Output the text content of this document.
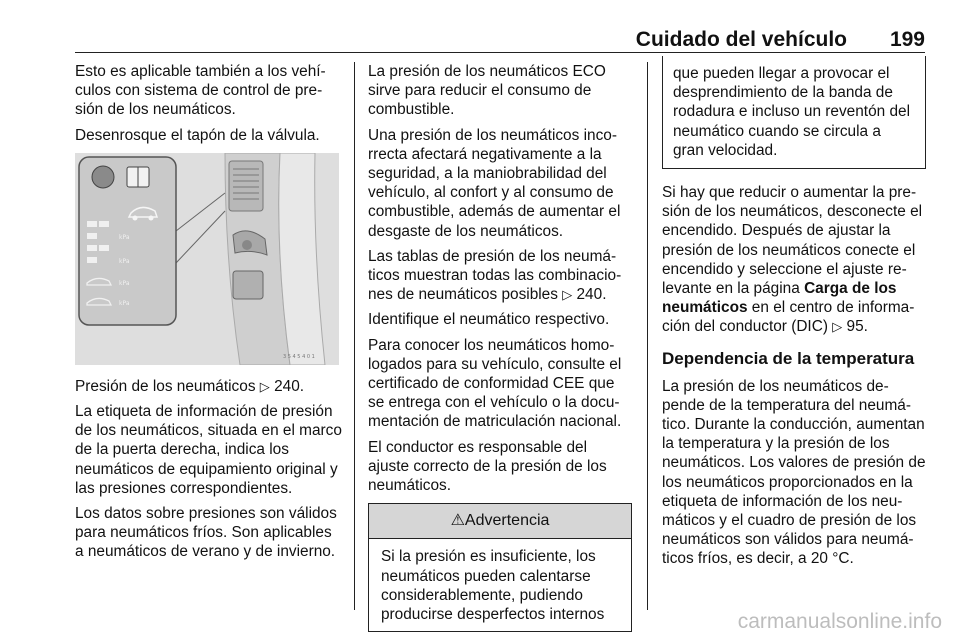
Cuidado del vehículo 199

Esto es aplicable también a los vehículos con sistema de control de presión de los neumáticos.

Desenrosque el tapón de la válvula.

kPa
kPa
kPa
kPa
3 5 4 5 4 0 1

Presión de los neumáticos ▷ 240.

La etiqueta de información de presión de los neumáticos, situada en el marco de la puerta derecha, indica los neumáticos de equipamiento original y las presiones correspondientes.

Los datos sobre presiones son válidos para neumáticos fríos. Son aplicables a neumáticos de verano y de invierno.

La presión de los neumáticos ECO sirve para reducir el consumo de combustible.

Una presión de los neumáticos incorrecta afectará negativamente a la seguridad, a la maniobrabilidad del vehículo, al confort y al consumo de combustible, además de aumentar el desgaste de los neumáticos.

Las tablas de presión de los neumáticos muestran todas las combinaciones de neumáticos posibles ▷ 240.

Identifique el neumático respectivo.

Para conocer los neumáticos homologados para su vehículo, consulte el certificado de conformidad CEE que se entrega con el vehículo o la documentación de matriculación nacional.

El conductor es responsable del ajuste correcto de la presión de los neumáticos.

⚠Advertencia
Si la presión es insuficiente, los neumáticos pueden calentarse considerablemente, pudiendo producirse desperfectos internos
que pueden llegar a provocar el desprendimiento de la banda de rodadura e incluso un reventón del neumático cuando se circula a gran velocidad.

Si hay que reducir o aumentar la presión de los neumáticos, desconecte el encendido. Después de ajustar la presión de los neumáticos conecte el encendido y seleccione el ajuste relevante en la página Carga de los neumáticos en el centro de información del conductor (DIC) ▷ 95.

Dependencia de la temperatura

La presión de los neumáticos depende de la temperatura del neumático. Durante la conducción, aumentan la temperatura y la presión de los neumáticos. Los valores de presión de los neumáticos proporcionados en la etiqueta de información de los neumáticos y el cuadro de presión de los neumáticos son válidos para neumáticos fríos, es decir, a 20 °C.

carmanualsonline.info
